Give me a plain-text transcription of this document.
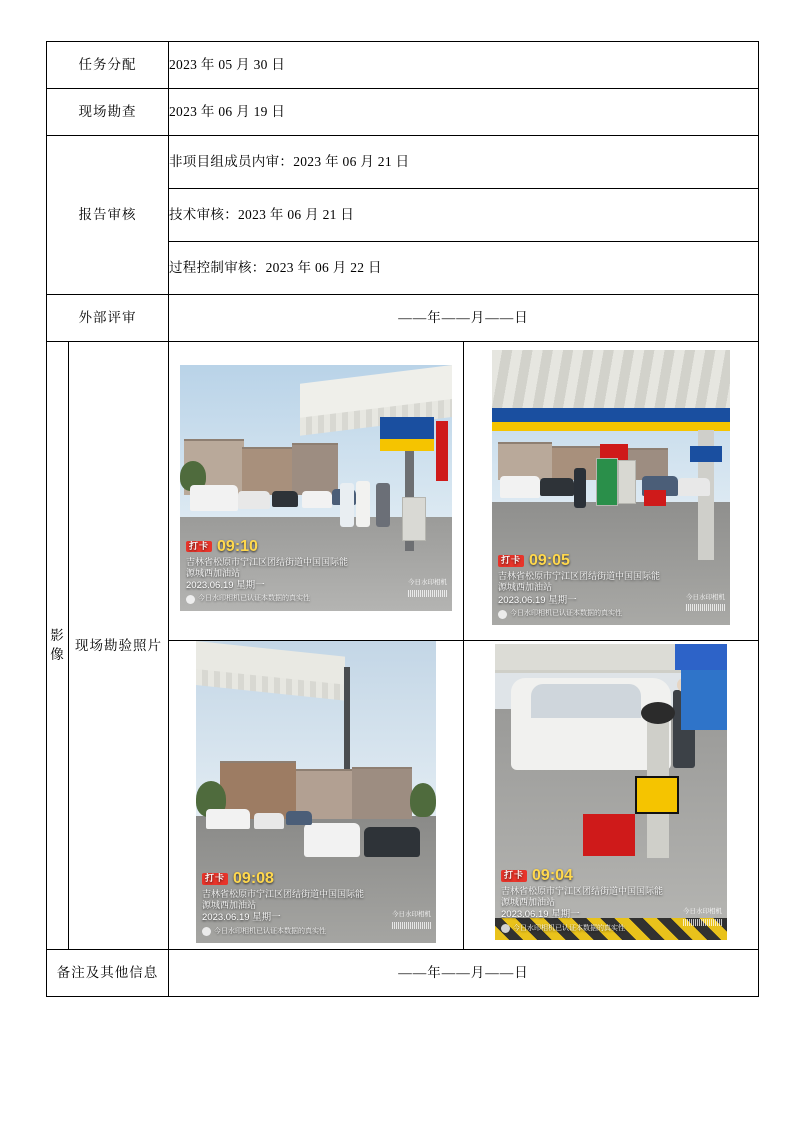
任务分配		2023 年 05 月 30 日	
现场勘查		2023 年 06 月 19 日	
报告审核		非项目组成员内审：2023 年 06 月 21 日	
		技术审核：2023 年 06 月 21 日	
		过程控制审核：2023 年 06 月 22 日	
外部评审		——年——月——日	

影
像
	现场勘验照片	
打卡 09:10
吉林省松原市宁江区团结街道中国国际能源城西加油站
2023.06.19 星期一
今日水印相机已认证本数据的真实性
今日水印相机

打卡 09:05
吉林省松原市宁江区团结街道中国国际能源城西加油站
2023.06.19 星期一
今日水印相机已认证本数据的真实性
今日水印相机

打卡 09:08
吉林省松原市宁江区团结街道中国国际能源城西加油站
2023.06.19 星期一
今日水印相机已认证本数据的真实性
今日水印相机

打卡 09:04
吉林省松原市宁江区团结街道中国国际能源城西加油站
2023.06.19 星期一
今日水印相机已认证本数据的真实性
今日水印相机

备注及其他信息		——年——月——日	
